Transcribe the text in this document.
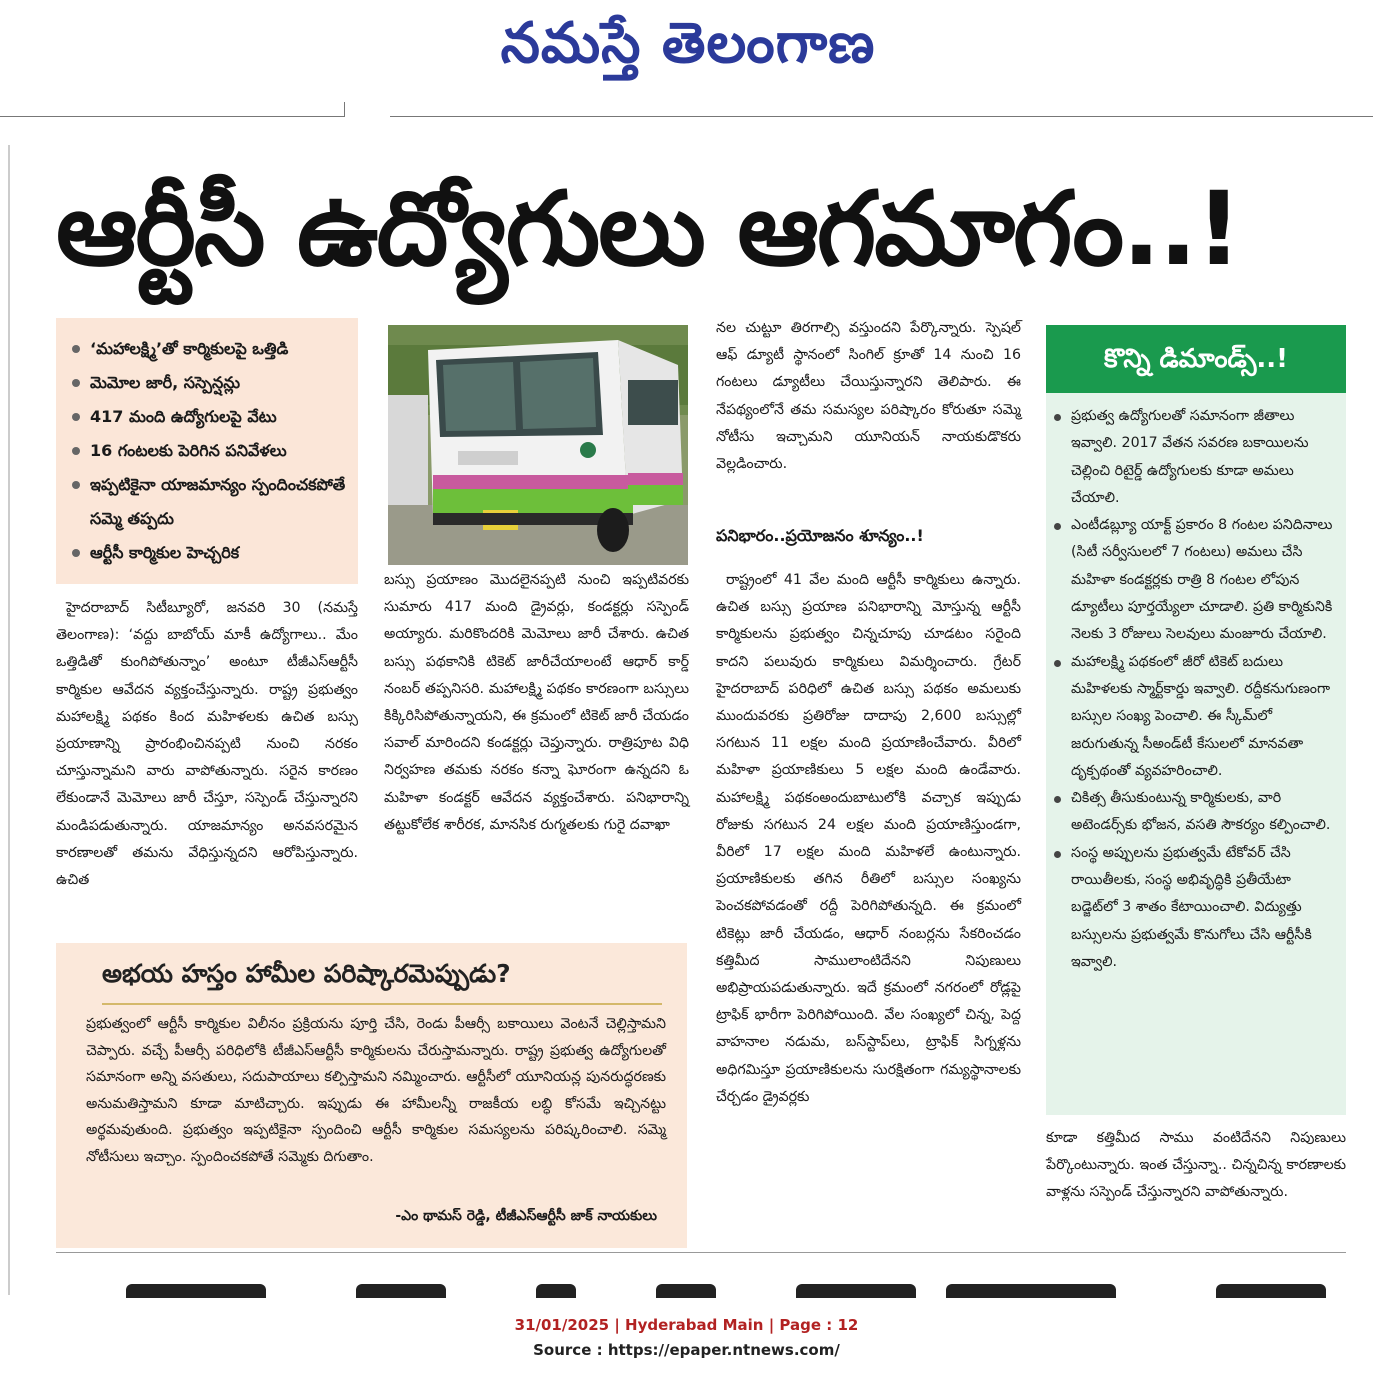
నమస్తే తెలంగాణ
ఆర్టీసీ ఉద్యోగులు ఆగమాగం..!
‘మహాలక్ష్మి’తో కార్మికులపై ఒత్తిడి
మెమోల జారీ, సస్పెన్షన్లు
417 మంది ఉద్యోగులపై వేటు
16 గంటలకు పెరిగిన పనివేళలు
ఇప్పటికైనా యాజమాన్యం స్పందించకపోతే సమ్మె తప్పదు
ఆర్టీసీ కార్మికుల హెచ్చరిక

హైదరాబాద్ సిటీబ్యూరో, జనవరి 30 (నమస్తే తెలంగాణ): ‘వద్దు బాబోయ్ మాకీ ఉద్యోగాలు.. మేం ఒత్తిడితో కుంగిపోతున్నాం’ అంటూ టీజీఎస్ఆర్టీసీ కార్మికుల ఆవేదన వ్యక్తంచేస్తున్నారు. రాష్ట్ర ప్రభుత్వం మహాలక్ష్మి పథకం కింద మహిళలకు ఉచిత బస్సు ప్రయాణాన్ని ప్రారంభించినప్పటి నుంచి నరకం చూస్తున్నామని వారు వాపోతున్నారు. సరైన కారణం లేకుండానే మెమోలు జారీ చేస్తూ, సస్పెండ్ చేస్తున్నారని మండిపడుతున్నారు. యాజమాన్యం అనవసరమైన కారణాలతో తమను వేధిస్తున్నదని ఆరోపిస్తున్నారు. ఉచిత

బస్సు ప్రయాణం మొదలైనప్పటి నుంచి ఇప్పటివరకు సుమారు 417 మంది డ్రైవర్లు, కండక్టర్లు సస్పెండ్ అయ్యారు. మరికొందరికి మెమోలు జారీ చేశారు. ఉచిత బస్సు పథకానికి టికెట్ జారీచేయాలంటే ఆధార్ కార్డ్ నంబర్ తప్పనిసరి. మహాలక్ష్మి పథకం కారణంగా బస్సులు కిక్కిరిసిపోతున్నాయని, ఈ క్రమంలో టికెట్ జారీ చేయడం సవాల్ మారిందని కండక్టర్లు చెప్తున్నారు. రాత్రిపూట విధి నిర్వహణ తమకు నరకం కన్నా ఘోరంగా ఉన్నదని ఓ మహిళా కండక్టర్ ఆవేదన వ్యక్తంచేశారు. పనిభారాన్ని తట్టుకోలేక శారీరక, మానసిక రుగ్మతలకు గురై దవాఖా

నల చుట్టూ తిరగాల్సి వస్తుందని పేర్కొన్నారు. స్పెషల్ ఆఫ్ డ్యూటీ స్థానంలో సింగిల్ క్రూతో 14 నుంచి 16 గంటలు డ్యూటీలు చేయిస్తున్నారని తెలిపారు. ఈ నేపథ్యంలోనే తమ సమస్యల పరిష్కారం కోరుతూ సమ్మె నోటీసు ఇచ్చామని యూనియన్ నాయకుడొకరు వెల్లడించారు.

పనిభారం..ప్రయోజనం శూన్యం..!

రాష్ట్రంలో 41 వేల మంది ఆర్టీసీ కార్మికులు ఉన్నారు. ఉచిత బస్సు ప్రయాణ పనిభారాన్ని మోస్తున్న ఆర్టీసీ కార్మికులను ప్రభుత్వం చిన్నచూపు చూడటం సరైంది కాదని పలువురు కార్మికులు విమర్శించారు. గ్రేటర్ హైదరాబాద్ పరిధిలో ఉచిత బస్సు పథకం అమలుకు ముందువరకు ప్రతిరోజు దాదాపు 2,600 బస్సుల్లో సగటున 11 లక్షల మంది ప్రయాణించేవారు. వీరిలో మహిళా ప్రయాణికులు 5 లక్షల మంది ఉండేవారు. మహాలక్ష్మి పథకంఅందుబాటులోకి వచ్చాక ఇప్పుడు రోజుకు సగటున 24 లక్షల మంది ప్రయాణిస్తుండగా, వీరిలో 17 లక్షల మంది మహిళలే ఉంటున్నారు. ప్రయాణికులకు తగిన రీతిలో బస్సుల సంఖ్యను పెంచకపోవడంతో రద్దీ పెరిగిపోతున్నది. ఈ క్రమంలో టికెట్లు జారీ చేయడం, ఆధార్ నంబర్లను సేకరించడం కత్తిమీద సాములాంటిదేనని నిపుణులు అభిప్రాయపడుతున్నారు. ఇదే క్రమంలో నగరంలో రోడ్లపై ట్రాఫిక్ భారీగా పెరిగిపోయింది. వేల సంఖ్యలో చిన్న, పెద్ద వాహనాల నడుమ, బస్‌స్టాప్‌లు, ట్రాఫిక్ సిగ్నళ్లను అధిగమిస్తూ ప్రయాణికులను సురక్షితంగా గమ్యస్థానాలకు చేర్చడం డ్రైవర్లకు

కొన్ని డిమాండ్స్..!
ప్రభుత్వ ఉద్యోగులతో సమానంగా జీతాలు ఇవ్వాలి. 2017 వేతన సవరణ బకాయిలను చెల్లించి రిటైర్డ్ ఉద్యోగులకు కూడా అమలు చేయాలి.
ఎంటీడబ్ల్యూ యాక్ట్ ప్రకారం 8 గంటల పనిదినాలు (సిటీ సర్వీసులలో 7 గంటలు) అమలు చేసి మహిళా కండక్టర్లకు రాత్రి 8 గంటల లోపున డ్యూటీలు పూర్తయ్యేలా చూడాలి. ప్రతి కార్మికునికి నెలకు 3 రోజులు సెలవులు మంజూరు చేయాలి.
మహాలక్ష్మి పథకంలో జీరో టికెట్ బదులు మహిళలకు స్మార్ట్‌కార్డు ఇవ్వాలి. రద్దీకనుగుణంగా బస్సుల సంఖ్య పెంచాలి. ఈ స్కీమ్‌లో జరుగుతున్న సీఅండ్‌టీ కేసులలో మానవతా దృక్పథంతో వ్యవహరించాలి.
చికిత్స తీసుకుంటున్న కార్మికులకు, వారి అటెండర్స్‌కు భోజన, వసతి సౌకర్యం కల్పించాలి.
సంస్థ అప్పులను ప్రభుత్వమే టేకోవర్ చేసి రాయితీలకు, సంస్థ అభివృద్ధికి ప్రతీయేటా బడ్జెట్‌లో 3 శాతం కేటాయించాలి. విద్యుత్తు బస్సులను ప్రభుత్వమే కొనుగోలు చేసి ఆర్టీసీకి ఇవ్వాలి.

కూడా కత్తిమీద సాము వంటిదేనని నిపుణులు పేర్కొంటున్నారు. ఇంత చేస్తున్నా.. చిన్నచిన్న కారణాలకు వాళ్లను సస్పెండ్ చేస్తున్నారని వాపోతున్నారు.

అభయ హస్తం హామీల పరిష్కారమెప్పుడు?
ప్రభుత్వంలో ఆర్టీసీ కార్మికుల విలీనం ప్రక్రియను పూర్తి చేసి, రెండు పీఆర్సీ బకాయిలు వెంటనే చెల్లిస్తామని చెప్పారు. వచ్చే పీఆర్సీ పరిధిలోకి టీజీఎస్‌ఆర్టీసీ కార్మికులను చేరుస్తామన్నారు. రాష్ట్ర ప్రభుత్వ ఉద్యోగులతో సమానంగా అన్ని వసతులు, సదుపాయాలు కల్పిస్తామని నమ్మించారు. ఆర్టీసీలో యూనియన్ల పునరుద్ధరణకు అనుమతిస్తామని కూడా మాటిచ్చారు. ఇప్పుడు ఈ హామీలన్నీ రాజకీయ లబ్ధి కోసమే ఇచ్చినట్టు అర్థమవుతుంది. ప్రభుత్వం ఇప్పటికైనా స్పందించి ఆర్టీసీ కార్మికుల సమస్యలను పరిష్కరించాలి. సమ్మె నోటీసులు ఇచ్చాం. స్పందించకపోతే సమ్మెకు దిగుతాం.
-ఎం థామస్ రెడ్డి, టీజీఎస్ఆర్టీసీ జాక్ నాయకులు
31/01/2025 | Hyderabad Main | Page : 12
Source : https://epaper.ntnews.com/
